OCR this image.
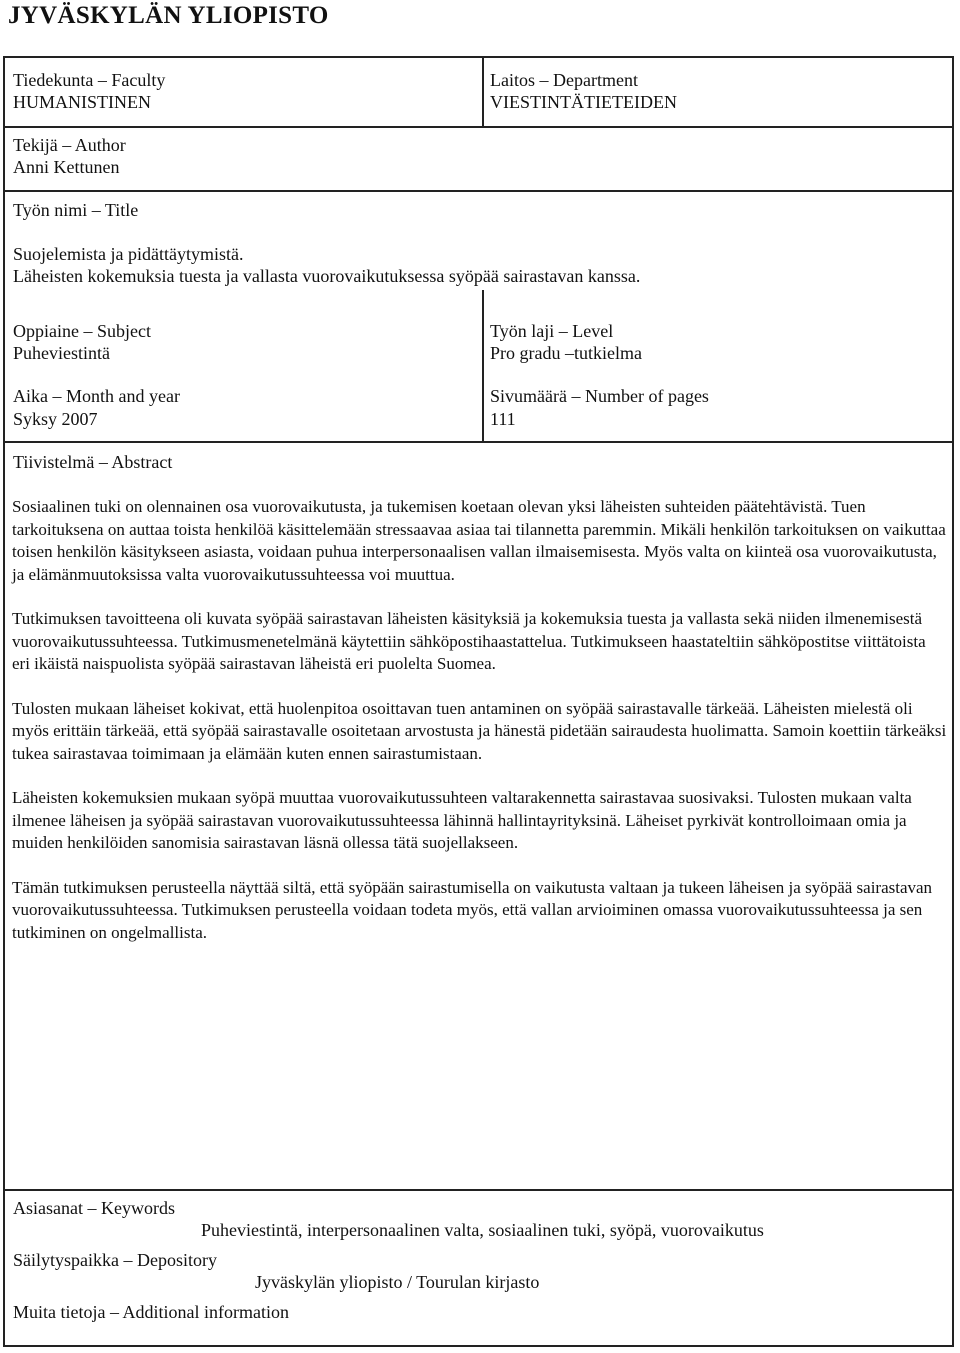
JYVÄSKYLÄN YLIOPISTO
Tiedekunta – Faculty
HUMANISTINEN
Laitos – Department
VIESTINTÄTIETEIDEN
Tekijä – Author
Anni Kettunen
Työn nimi – Title
Suojelemista ja pidättäytymistä.
Läheisten kokemuksia tuesta ja vallasta vuorovaikutuksessa syöpää sairastavan kanssa.
Oppiaine – Subject
Puheviestintä
Työn laji – Level
Pro gradu –tutkielma
Aika – Month and year
Syksy 2007
Sivumäärä – Number of pages
111
Tiivistelmä – Abstract

Sosiaalinen tuki on olennainen osa vuorovaikutusta, ja tukemisen koetaan olevan yksi läheisten suhteiden päätehtävistä. Tuen tarkoituksena on auttaa toista henkilöä käsittelemään stressaavaa asiaa tai tilannetta paremmin. Mikäli henkilön tarkoituksen on vaikuttaa toisen henkilön käsitykseen asiasta, voidaan puhua interpersonaalisen vallan ilmaisemisesta. Myös valta on kiinteä osa vuorovaikutusta, ja elämänmuutoksissa valta vuorovaikutussuhteessa voi muuttua.

Tutkimuksen tavoitteena oli kuvata syöpää sairastavan läheisten käsityksiä ja kokemuksia tuesta ja vallasta sekä niiden ilmenemisestä vuorovaikutussuhteessa. Tutkimusmenetelmänä käytettiin sähköpostihaastattelua. Tutkimukseen haastateltiin sähköpostitse viittätoista eri ikäistä naispuolista syöpää sairastavan läheistä eri puolelta Suomea.

Tulosten mukaan läheiset kokivat, että huolenpitoa osoittavan tuen antaminen on syöpää sairastavalle tärkeää. Läheisten mielestä oli myös erittäin tärkeää, että syöpää sairastavalle osoitetaan arvostusta ja hänestä pidetään sairaudesta huolimatta. Samoin koettiin tärkeäksi tukea sairastavaa toimimaan ja elämään kuten ennen sairastumistaan.

Läheisten kokemuksien mukaan syöpä muuttaa vuorovaikutussuhteen valtarakennetta sairastavaa suosivaksi. Tulosten mukaan valta ilmenee läheisen ja syöpää sairastavan vuorovaikutussuhteessa lähinnä hallintayrityksinä. Läheiset pyrkivät kontrolloimaan omia ja muiden henkilöiden sanomisia sairastavan läsnä ollessa tätä suojellakseen.

Tämän tutkimuksen perusteella näyttää siltä, että syöpään sairastumisella on vaikutusta valtaan ja tukeen läheisen ja syöpää sairastavan vuorovaikutussuhteessa. Tutkimuksen perusteella voidaan todeta myös, että vallan arvioiminen omassa vuorovaikutussuhteessa ja sen tutkiminen on ongelmallista.

Asiasanat – Keywords
Puheviestintä, interpersonaalinen valta, sosiaalinen tuki, syöpä, vuorovaikutus
Säilytyspaikka – Depository
Jyväskylän yliopisto / Tourulan kirjasto
Muita tietoja – Additional information
